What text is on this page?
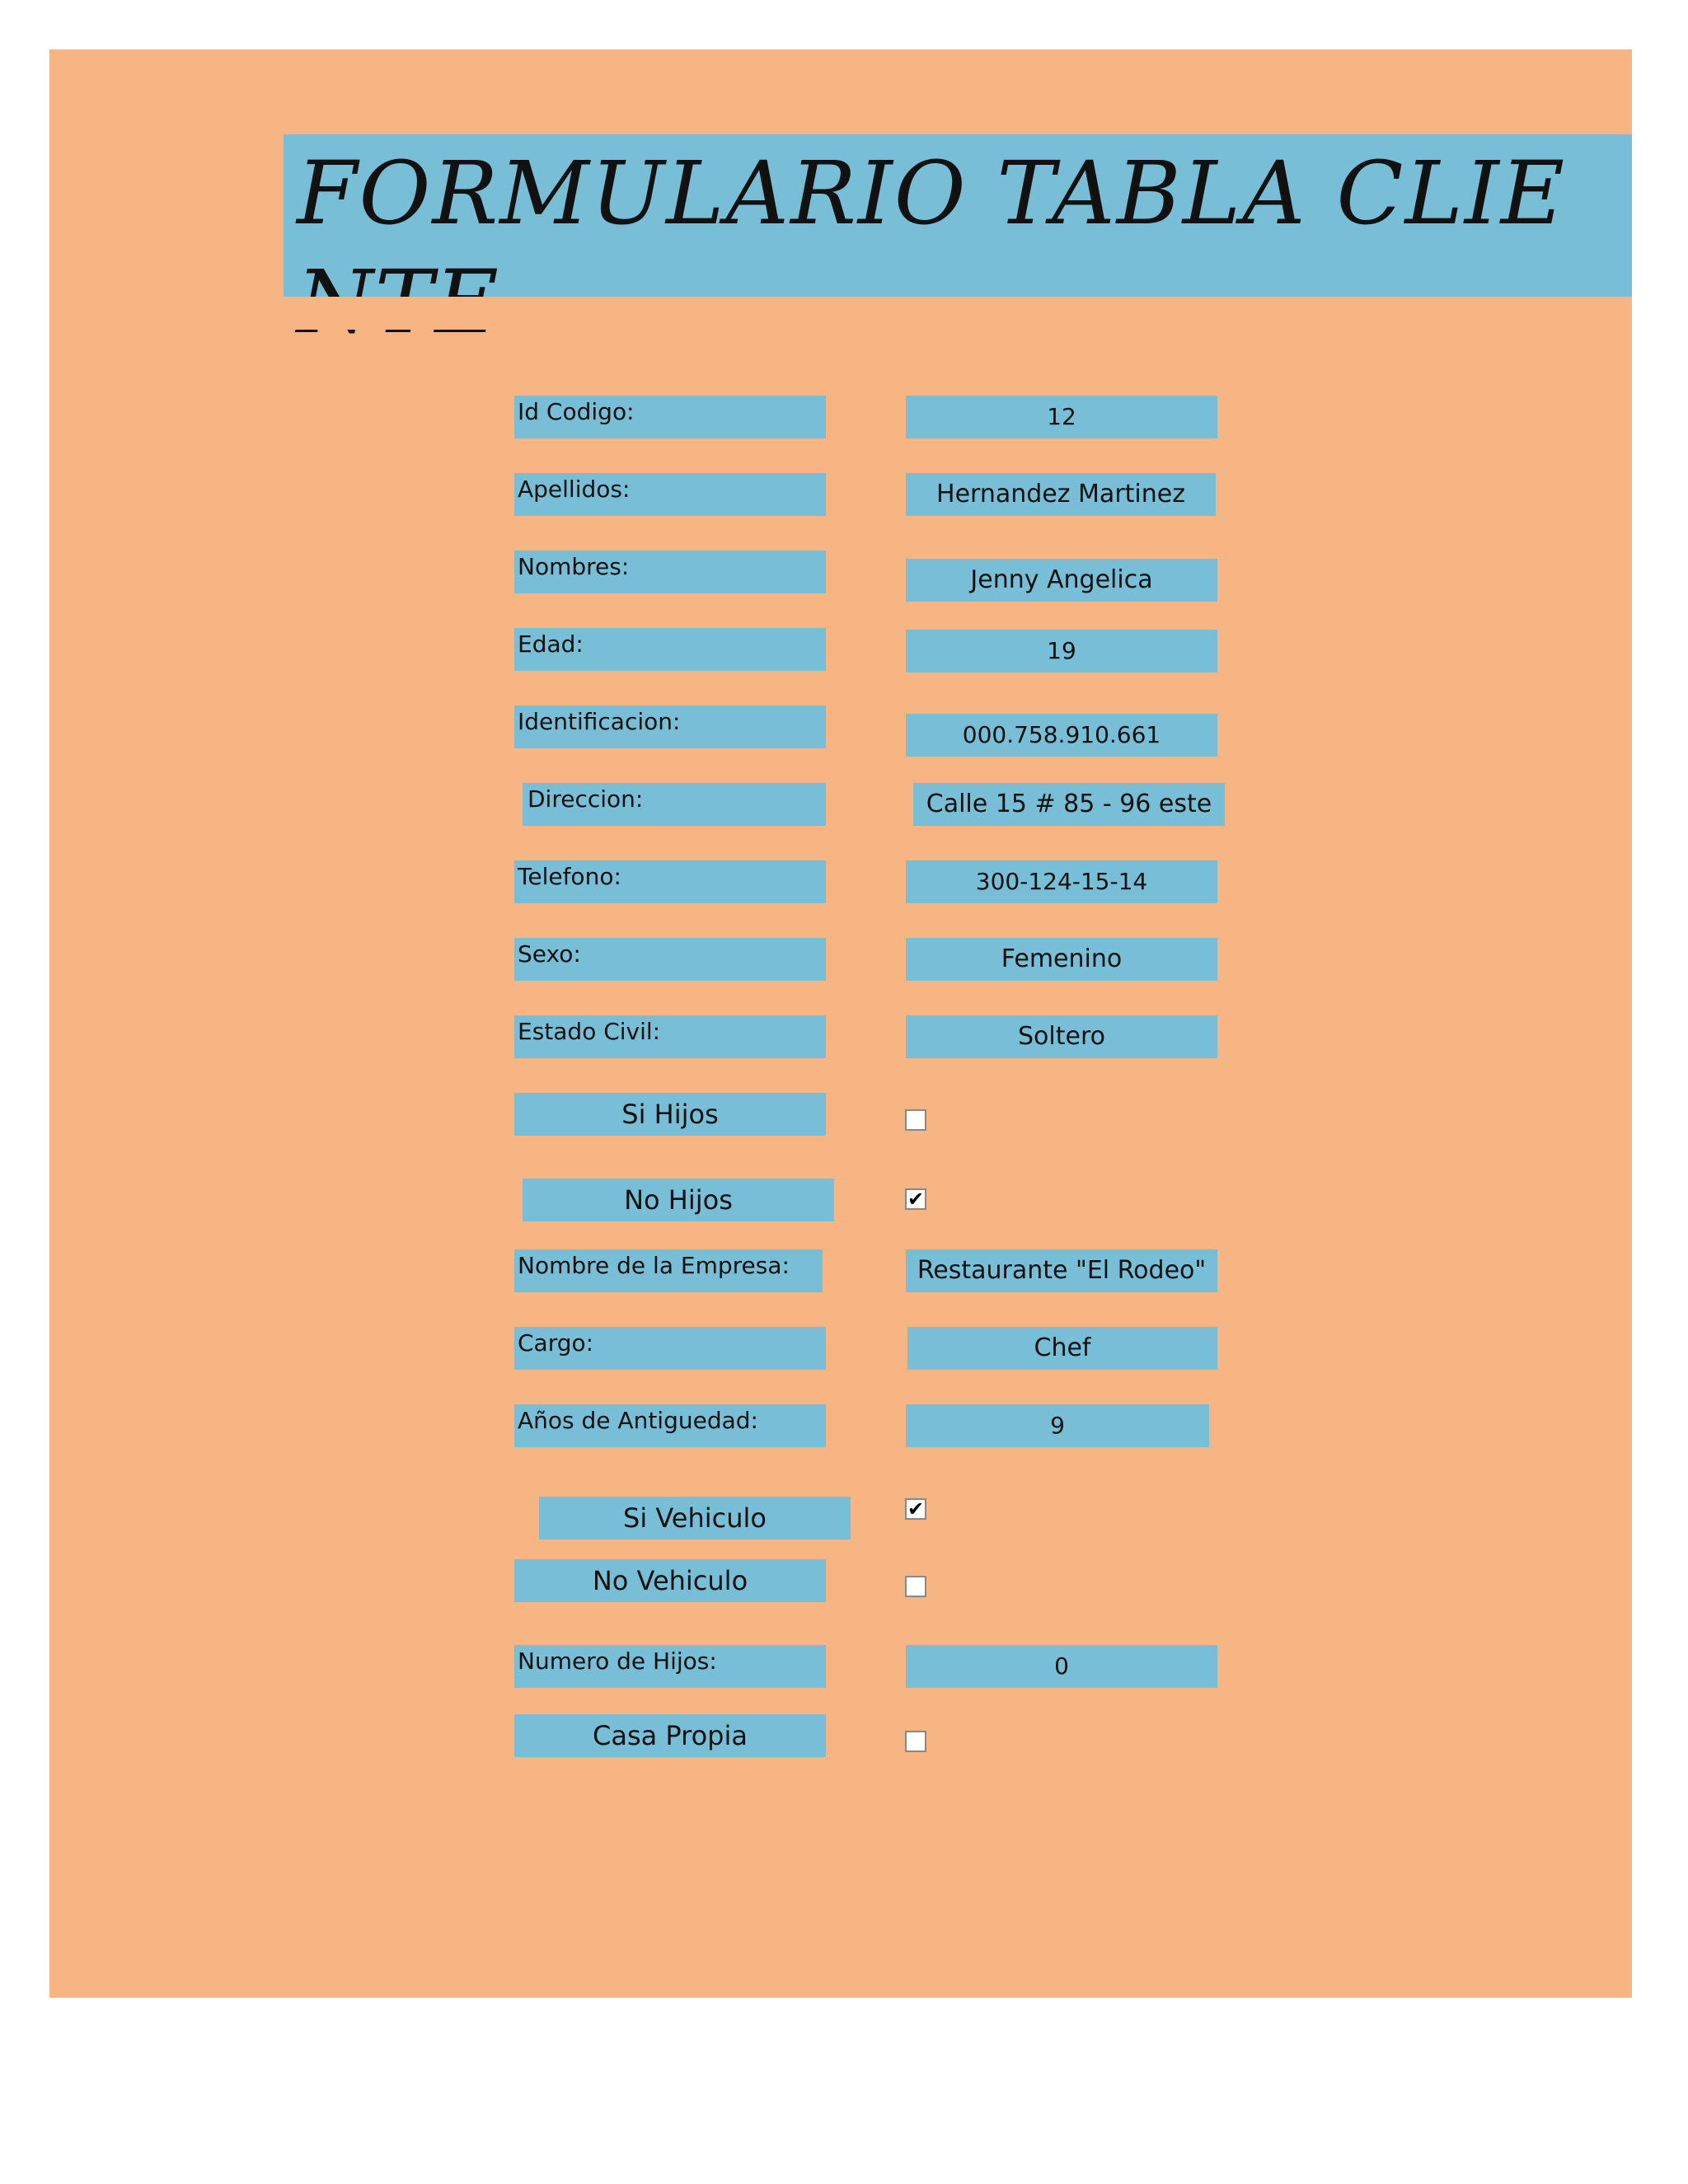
FORMULARIO TABLA CLIE
Id Codigo:	12
Apellidos:	Hernandez Martinez
Nombres:	Jenny Angelica
Edad:	19
Identificacion:	000.758.910.661
Direccion:	Calle 15 # 85 - 96 este
Telefono:	300-124-15-14
Sexo:	Femenino
Estado Civil:	Soltero
Si Hijos
No Hijos	✔
Nombre de la Empresa:	Restaurante "El Rodeo"
Cargo:	Chef
Años de Antiguedad:	9
Si Vehiculo	✔
No Vehiculo
Numero de Hijos:	0
Casa Propia
